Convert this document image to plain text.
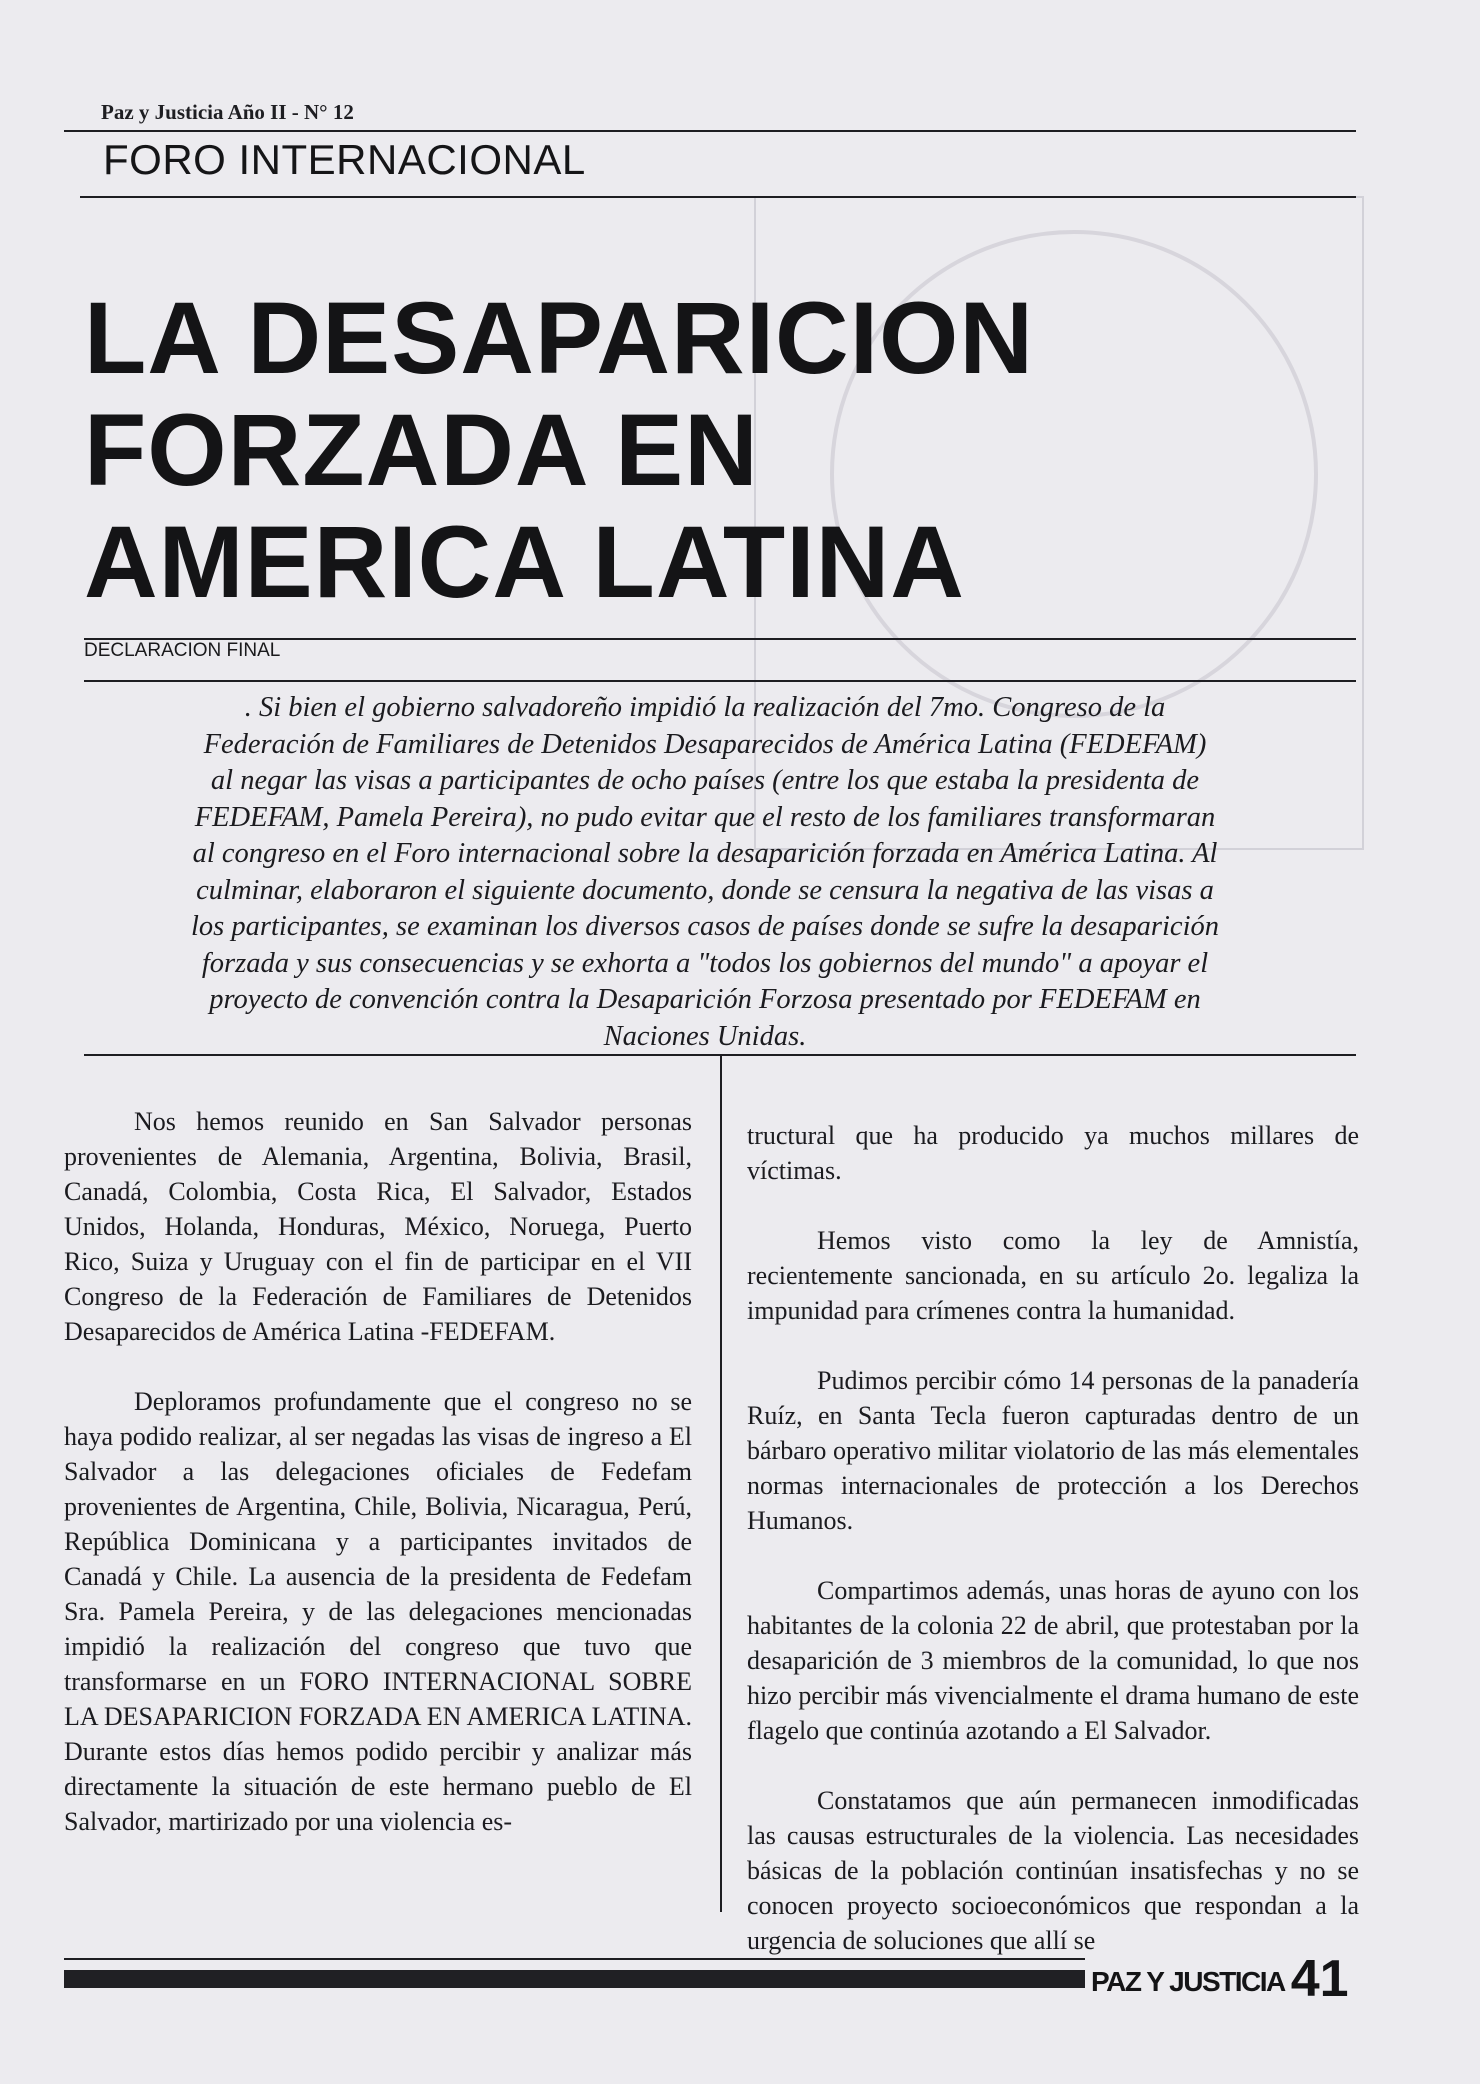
Paz y Justicia Año II - N° 12
FORO INTERNACIONAL
LA DESAPARICION
FORZADA EN
AMERICA LATINA
DECLARACION FINAL
. Si bien el gobierno salvadoreño impidió la realización del 7mo. Congreso de la
Federación de Familiares de Detenidos Desaparecidos de América Latina (FEDEFAM)
al negar las visas a participantes de ocho países (entre los que estaba la presidenta de
FEDEFAM, Pamela Pereira), no pudo evitar que el resto de los familiares transformaran
al congreso en el Foro internacional sobre la desaparición forzada en América Latina. Al
culminar, elaboraron el siguiente documento, donde se censura la negativa de las visas a
los participantes, se examinan los diversos casos de países donde se sufre la desaparición
forzada y sus consecuencias y se exhorta a "todos los gobiernos del mundo" a apoyar el
proyecto de convención contra la Desaparición Forzosa presentado por FEDEFAM en
Naciones Unidas.

Nos hemos reunido en San Salvador personas provenientes de Alemania, Argentina, Bolivia, Brasil, Canadá, Colombia, Costa Rica, El Salvador, Estados Unidos, Holanda, Honduras, México, Noruega, Puerto Rico, Suiza y Uruguay con el fin de participar en el VII Congreso de la Federación de Familiares de Detenidos Desaparecidos de América Latina -FEDEFAM.

Deploramos profundamente que el congreso no se haya podido realizar, al ser negadas las visas de ingreso a El Salvador a las delegaciones oficiales de Fedefam provenientes de Argentina, Chile, Bolivia, Nicaragua, Perú, República Dominicana y a participantes invitados de Canadá y Chile. La ausencia de la presidenta de Fedefam Sra. Pamela Pereira, y de las delegaciones mencionadas impidió la realización del congreso que tuvo que transformarse en un FORO INTERNACIONAL SOBRE LA DESAPARICION FORZADA EN AMERICA LATINA. Durante estos días hemos podido percibir y analizar más directamente la situación de este hermano pueblo de El Salvador, martirizado por una violencia es-

tructural que ha producido ya muchos millares de víctimas.

Hemos visto como la ley de Amnistía, recientemente sancionada, en su artículo 2o. legaliza la impunidad para crímenes contra la humanidad.

Pudimos percibir cómo 14 personas de la panadería Ruíz, en Santa Tecla fueron capturadas dentro de un bárbaro operativo militar violatorio de las más elementales normas internacionales de protección a los Derechos Humanos.

Compartimos además, unas horas de ayuno con los habitantes de la colonia 22 de abril, que protestaban por la desaparición de 3 miembros de la comunidad, lo que nos hizo percibir más vivencialmente el drama humano de este flagelo que continúa azotando a El Salvador.

Constatamos que aún permanecen inmodificadas las causas estructurales de la violencia. Las necesidades básicas de la población continúan insatisfechas y no se conocen proyecto socioeconómicos que respondan a la urgencia de soluciones que allí se

PAZ Y JUSTICIA 41
